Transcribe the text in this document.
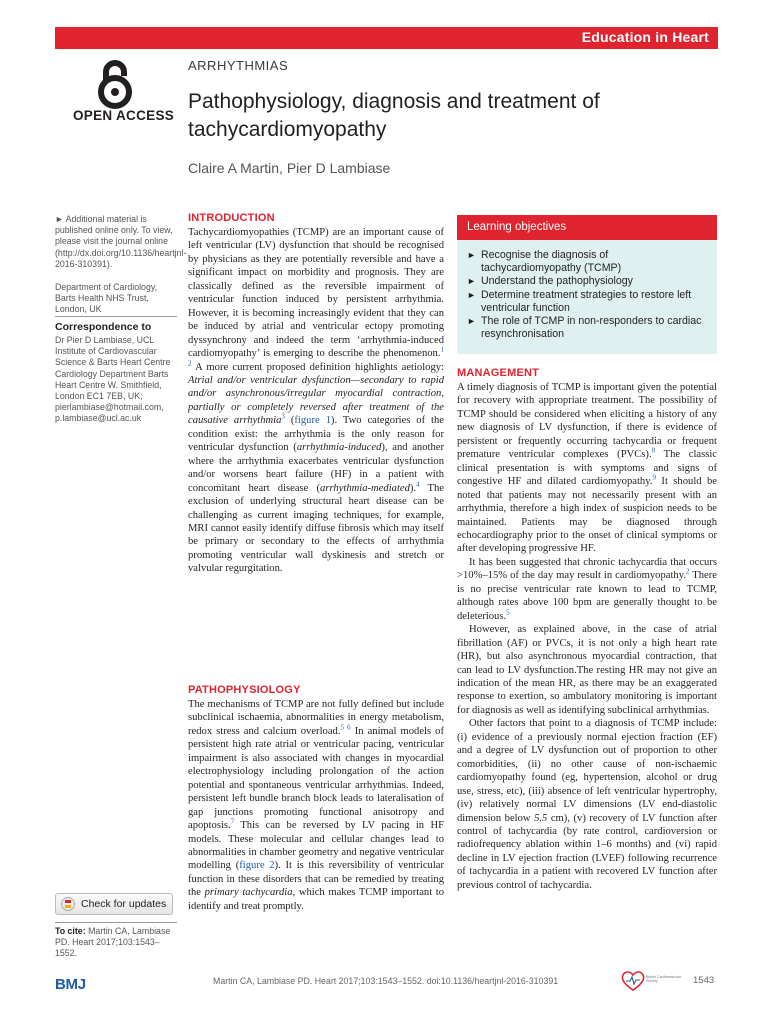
Education in Heart
OPEN ACCESS
ARRHYTHMIAS
Pathophysiology, diagnosis and treatment of tachycardiomyopathy
Claire A Martin, Pier D Lambiase
► Additional material is published online only. To view, please visit the journal online (http://dx.doi.org/10.1136/heartjnl-2016-310391).
Department of Cardiology, Barts Health NHS Trust, London, UK
Correspondence to
Dr Pier D Lambiase, UCL Institute of Cardiovascular Science & Barts Heart Centre Cardiology Department Barts Heart Centre W. Smithfield, London EC1 7EB, UK; pierlambiase@hotmail.com, p.lambiase@ucl.ac.uk
Check for updates
To cite: Martin CA, Lambiase PD. Heart 2017;103:1543–1552.
INTRODUCTION

Tachycardiomyopathies (TCMP) are an important cause of left ventricular (LV) dysfunction that should be recognised by physicians as they are potentially reversible and have a significant impact on morbidity and prognosis. They are classically defined as the reversible impairment of ventricular function induced by persistent arrhythmia. However, it is becoming increasingly evident that they can be induced by atrial and ventricular ectopy promoting dyssynchrony and indeed the term ‘arrhythmia-induced cardiomyopathy’ is emerging to describe the phenomenon.$^{1 2}$ A more current proposed definition highlights aetiology: Atrial and/or ventricular dysfunction—secondary to rapid and/or asynchronous/irregular myocardial contraction, partially or completely reversed after treatment of the causative arrhythmia$^3$ (figure 1). Two categories of the condition exist: the arrhythmia is the only reason for ventricular dysfunction (arrhythmia-induced), and another where the arrhythmia exacerbates ventricular dysfunction and/or worsens heart failure (HF) in a patient with concomitant heart disease (arrhythmia-mediated).$^4$ The exclusion of underlying structural heart disease can be challenging as current imaging techniques, for example, MRI cannot easily identify diffuse fibrosis which may itself be primary or secondary to the effects of arrhythmia promoting ventricular wall dyskinesis and stretch or valvular regurgitation.

PATHOPHYSIOLOGY

The mechanisms of TCMP are not fully defined but include subclinical ischaemia, abnormalities in energy metabolism, redox stress and calcium overload.$^{5 6}$ In animal models of persistent high rate atrial or ventricular pacing, ventricular impairment is also associated with changes in myocardial electrophysiology including prolongation of the action potential and spontaneous ventricular arrhythmias. Indeed, persistent left bundle branch block leads to lateralisation of gap junctions promoting functional anisotropy and apoptosis.$^7$ This can be reversed by LV pacing in HF models. These molecular and cellular changes lead to abnormalities in chamber geometry and negative ventricular modelling (figure 2). It is this reversibility of ventricular function in these disorders that can be remedied by treating the primary tachycardia, which makes TCMP important to identify and treat promptly.

Learning objectives
► Recognise the diagnosis of tachycardiomyopathy (TCMP)
► Understand the pathophysiology
► Determine treatment strategies to restore left ventricular function
► The role of TCMP in non-responders to cardiac resynchronisation
MANAGEMENT

A timely diagnosis of TCMP is important given the potential for recovery with appropriate treatment. The possibility of TCMP should be considered when eliciting a history of any new diagnosis of LV dysfunction, if there is evidence of persistent or frequently occurring tachycardia or frequent premature ventricular complexes (PVCs).$^8$ The classic clinical presentation is with symptoms and signs of congestive HF and dilated cardiomyopathy.$^9$ It should be noted that patients may not necessarily present with an arrhythmia, therefore a high index of suspicion needs to be maintained. Patients may be diagnosed through echocardiography prior to the onset of clinical symptoms or after developing progressive HF.

It has been suggested that chronic tachycardia that occurs >10%–15% of the day may result in cardiomyopathy.$^2$ There is no precise ventricular rate known to lead to TCMP, although rates above 100 bpm are generally thought to be deleterious.$^5$

However, as explained above, in the case of atrial fibrillation (AF) or PVCs, it is not only a high heart rate (HR), but also asynchronous myocardial contraction, that can lead to LV dysfunction.The resting HR may not give an indication of the mean HR, as there may be an exaggerated response to exertion, so ambulatory monitoring is important for diagnosis as well as identifying subclinical arrhythmias.

Other factors that point to a diagnosis of TCMP include: (i) evidence of a previously normal ejection fraction (EF) and a degree of LV dysfunction out of proportion to other comorbidities, (ii) no other cause of non-ischaemic cardiomyopathy found (eg, hypertension, alcohol or drug use, stress, etc), (iii) absence of left ventricular hypertrophy, (iv) relatively normal LV dimensions (LV end-diastolic dimension below 5.5 cm), (v) recovery of LV function after control of tachycardia (by rate control, cardioversion or radiofrequency ablation within 1–6 months) and (vi) rapid decline in LV ejection fraction (LVEF) following recurrence of tachycardia in a patient with recovered LV function after previous control of tachycardia.

BMJ	Martin CA, Lambiase PD. Heart 2017;103:1543–1552. doi:10.1136/heartjnl-2016-310391	British Cardiovascular Society	1543
